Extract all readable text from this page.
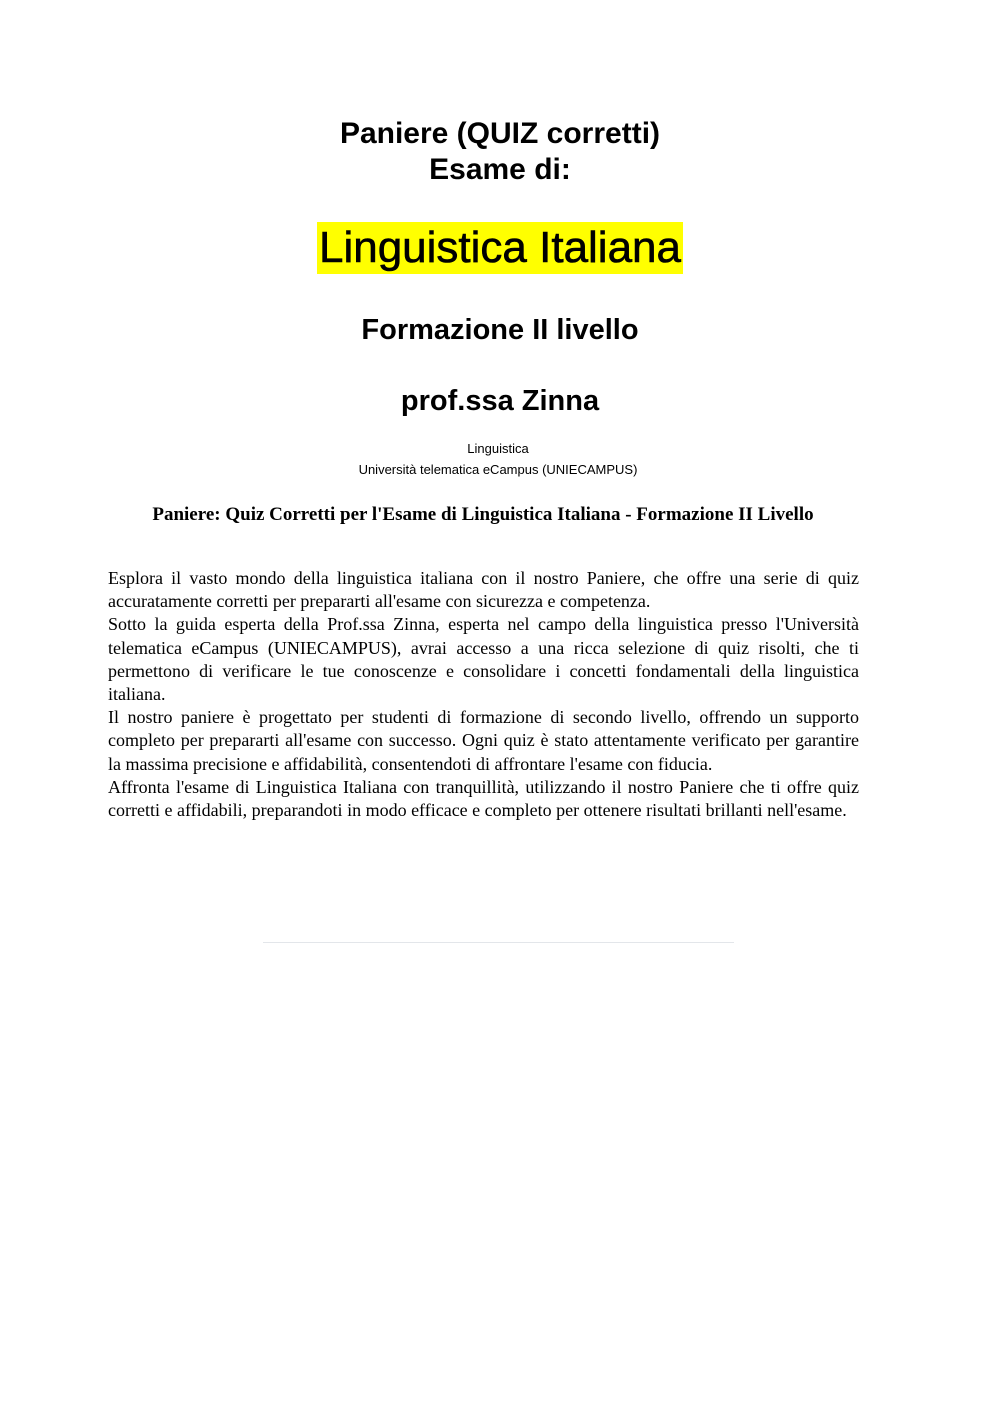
Paniere (QUIZ corretti)
Esame di:
Linguistica Italiana
Formazione II livello
prof.ssa Zinna
Linguistica
Università telematica eCampus (UNIECAMPUS)
Paniere: Quiz Corretti per l'Esame di Linguistica Italiana - Formazione II Livello

Esplora il vasto mondo della linguistica italiana con il nostro Paniere, che offre una serie di quiz accuratamente corretti per prepararti all'esame con sicurezza e competenza.

Sotto la guida esperta della Prof.ssa Zinna, esperta nel campo della linguistica presso l'Università telematica eCampus (UNIECAMPUS), avrai accesso a una ricca selezione di quiz risolti, che ti permettono di verificare le tue conoscenze e consolidare i concetti fondamentali della linguistica italiana.

Il nostro paniere è progettato per studenti di formazione di secondo livello, offrendo un supporto completo per prepararti all'esame con successo. Ogni quiz è stato attentamente verificato per garantire la massima precisione e affidabilità, consentendoti di affrontare l'esame con fiducia.

Affronta l'esame di Linguistica Italiana con tranquillità, utilizzando il nostro Paniere che ti offre quiz corretti e affidabili, preparandoti in modo efficace e completo per ottenere risultati brillanti nell'esame.
